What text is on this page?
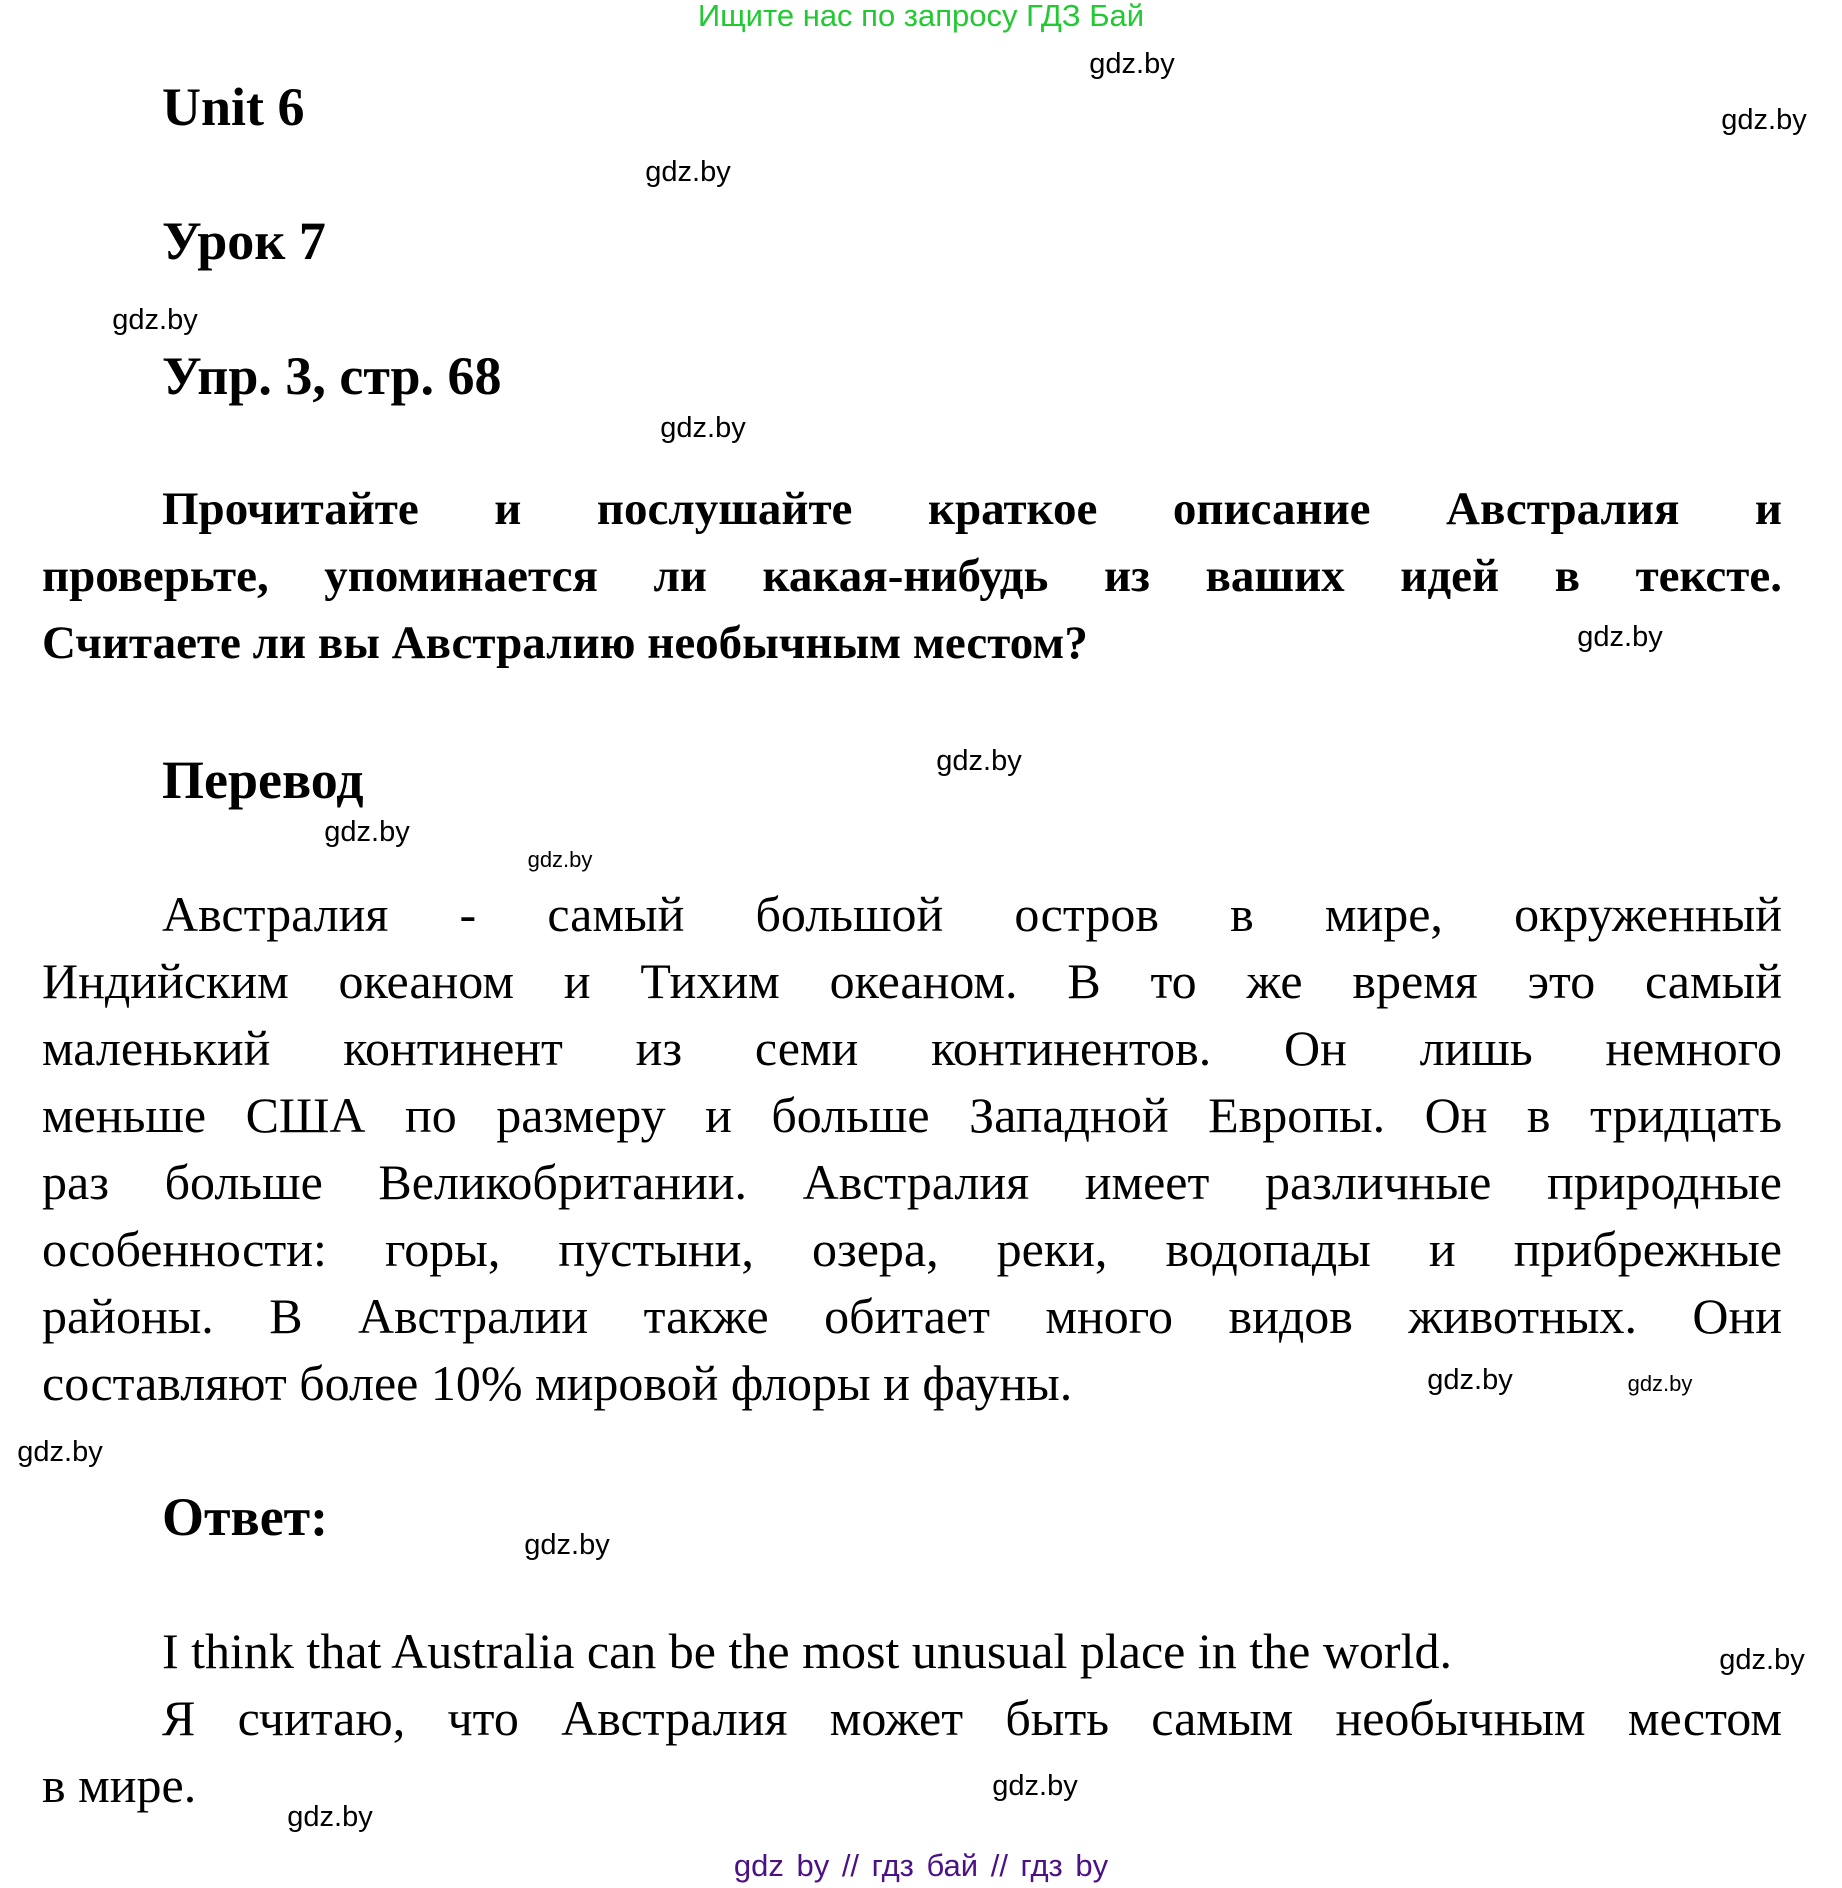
Ищите нас по запросу ГДЗ Бай
Unit 6
Урок 7
Упр. 3, стр. 68
Прочитайте и послушайте краткое описание Австралия и
проверьте, упоминается ли какая-нибудь из ваших идей в тексте.
Считаете ли вы Австралию необычным местом?
Перевод
Австралия - самый большой остров в мире, окруженный
Индийским океаном и Тихим океаном. В то же время это самый
маленький континент из семи континентов. Он лишь немного
меньше США по размеру и больше Западной Европы. Он в тридцать
раз больше Великобритании. Австралия имеет различные природные
особенности: горы, пустыни, озера, реки, водопады и прибрежные
районы. В Австралии также обитает много видов животных. Они
составляют более 10% мировой флоры и фауны.
Ответ:
I think that Australia can be the most unusual place in the world.
Я считаю, что Австралия может быть самым необычным местом
в мире.
gdz.by
gdz.by
gdz.by
gdz.by
gdz.by
gdz.by
gdz.by
gdz.by
gdz.by
gdz.by
gdz.by
gdz.by
gdz.by
gdz.by
gdz.by
gdz.by
gdz by // гдз бай // гдз by
